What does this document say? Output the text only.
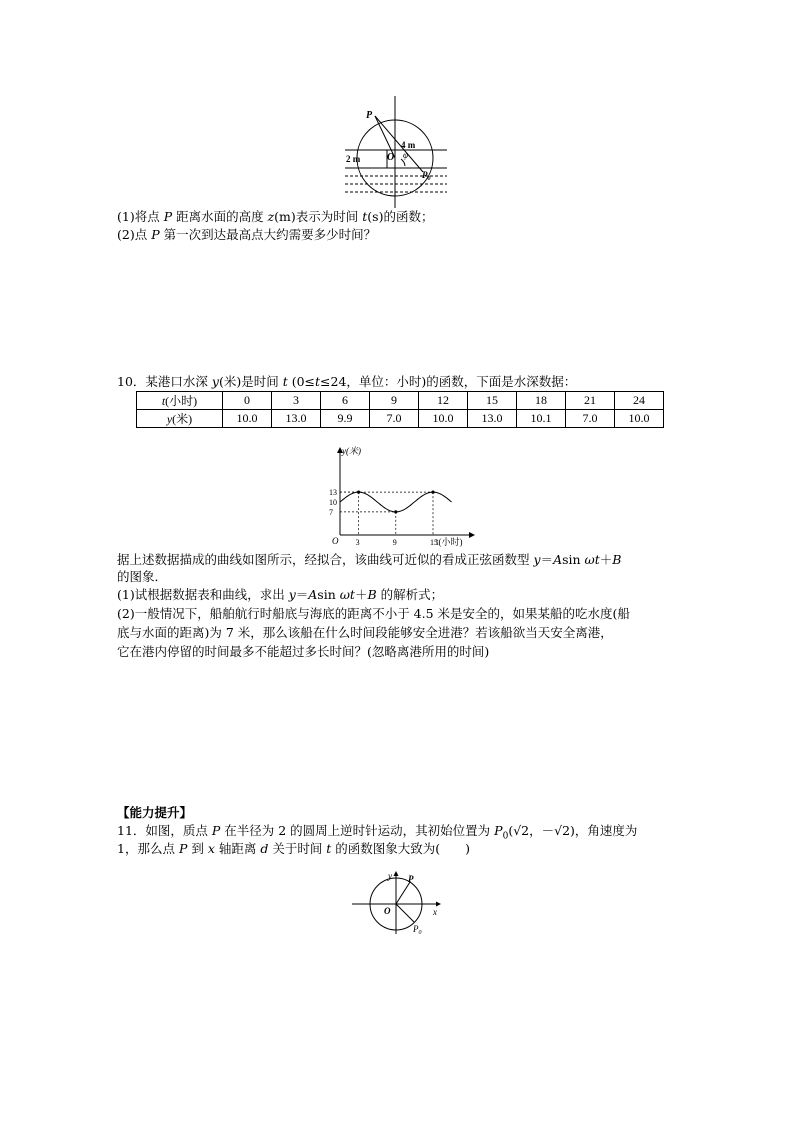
P
4 m
2 m	O φ
$P_0$
(1)将点 P 距离水面的高度 z(m)表示为时间 t(s)的函数；
(2)点 P 第一次到达最高点大约需要多少时间？
10．某港口水深 y(米)是时间 t (0≤t≤24，单位：小时)的函数，下面是水深数据：
t(小时)	0	3	6	9	12	15	18	21	24
y(米)	10.0	13.0	9.9	7.0	10.0	13.0	10.1	7.0	10.0
y(米)
t(小时)
O 3	9	15
13
10
7
据上述数据描成的曲线如图所示，经拟合，该曲线可近似的看成正弦函数型 y＝Asin ωt＋B
的图象．
(1)试根据数据表和曲线，求出 y＝Asin ωt＋B 的解析式；
(2)一般情况下，船舶航行时船底与海底的距离不小于 4.5 米是安全的，如果某船的吃水度(船
底与水面的距离)为 7 米，那么该船在什么时间段能够安全进港？若该船欲当天安全离港，
它在港内停留的时间最多不能超过多长时间？(忽略离港所用的时间)
【能力提升】
11．如图，质点 P 在半径为 2 的圆周上逆时针运动，其初始位置为 $P_0(√2$，－√2)，角速度为
1，那么点 P 到 x 轴距离 d 关于时间 t 的函数图象大致为(　　)
y
x
O
P
$P_0$
